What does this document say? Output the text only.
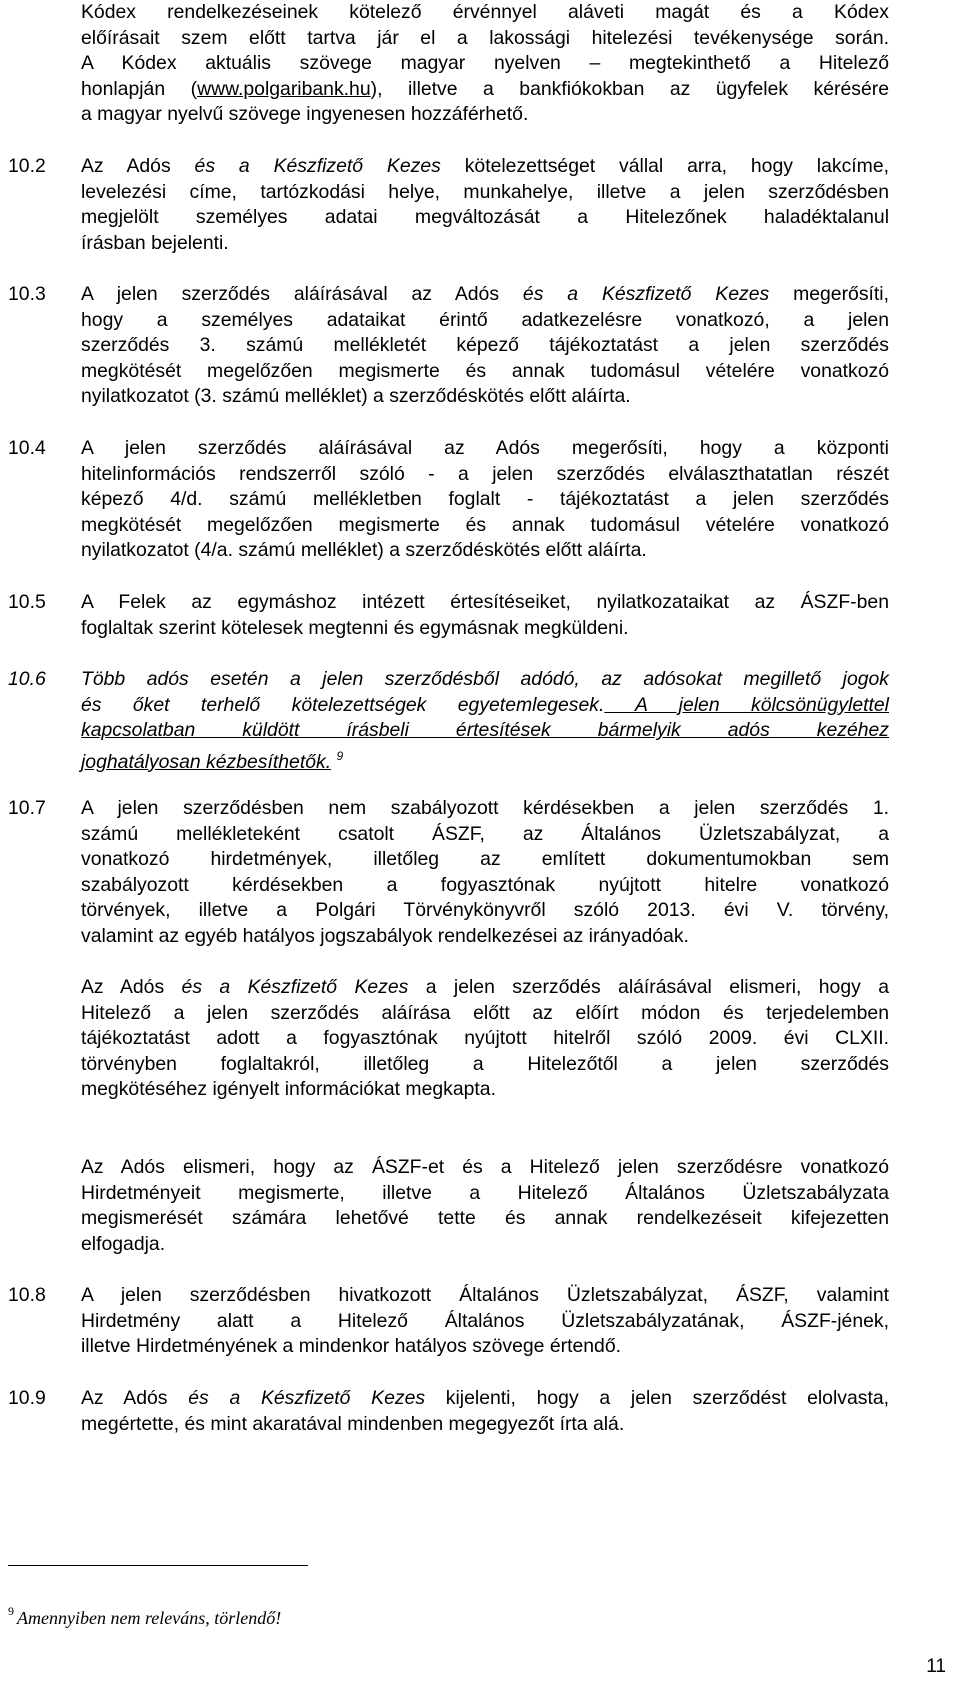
Kódex rendelkezéseinek kötelező érvénnyel aláveti magát és a Kódex
előírásait szem előtt tartva jár el a lakossági hitelezési tevékenysége során.
A Kódex aktuális szövege magyar nyelven – megtekinthető a Hitelező
honlapján (www.polgaribank.hu), illetve a bankfiókokban az ügyfelek kérésére
a magyar nyelvű szövege ingyenesen hozzáférhető.
10.2 Az Adós és a Készfizető Kezes kötelezettséget vállal arra, hogy lakcíme,
levelezési címe, tartózkodási helye, munkahelye, illetve a jelen szerződésben
megjelölt személyes adatai megváltozását a Hitelezőnek haladéktalanul
írásban bejelenti.
10.3 A jelen szerződés aláírásával az Adós és a Készfizető Kezes megerősíti,
hogy a személyes adataikat érintő adatkezelésre vonatkozó, a jelen
szerződés 3. számú mellékletét képező tájékoztatást a jelen szerződés
megkötését megelőzően megismerte és annak tudomásul vételére vonatkozó
nyilatkozatot (3. számú melléklet) a szerződéskötés előtt aláírta.
10.4 A jelen szerződés aláírásával az Adós megerősíti, hogy a központi
hitelinformációs rendszerről szóló - a jelen szerződés elválaszthatatlan részét
képező 4/d. számú mellékletben foglalt - tájékoztatást a jelen szerződés
megkötését megelőzően megismerte és annak tudomásul vételére vonatkozó
nyilatkozatot (4/a. számú melléklet) a szerződéskötés előtt aláírta.
10.5 A Felek az egymáshoz intézett értesítéseiket, nyilatkozataikat az ÁSZF-ben
foglaltak szerint kötelesek megtenni és egymásnak megküldeni.
10.6 Több adós esetén a jelen szerződésből adódó, az adósokat megillető jogok
és őket terhelő kötelezettségek egyetemlegesek. A jelen kölcsönügylettel
kapcsolatban küldött írásbeli értesítések bármelyik adós kezéhez
joghatályosan kézbesíthetők. $^9$
10.7 A jelen szerződésben nem szabályozott kérdésekben a jelen szerződés 1.
számú mellékleteként csatolt ÁSZF, az Általános Üzletszabályzat, a
vonatkozó hirdetmények, illetőleg az említett dokumentumokban sem
szabályozott kérdésekben a fogyasztónak nyújtott hitelre vonatkozó
törvények, illetve a Polgári Törvénykönyvről szóló 2013. évi V. törvény,
valamint az egyéb hatályos jogszabályok rendelkezései az irányadóak.
Az Adós és a Készfizető Kezes a jelen szerződés aláírásával elismeri, hogy a
Hitelező a jelen szerződés aláírása előtt az előírt módon és terjedelemben
tájékoztatást adott a fogyasztónak nyújtott hitelről szóló 2009. évi CLXII.
törvényben foglaltakról, illetőleg a Hitelezőtől a jelen szerződés
megkötéséhez igényelt információkat megkapta.
Az Adós elismeri, hogy az ÁSZF-et és a Hitelező jelen szerződésre vonatkozó
Hirdetményeit megismerte, illetve a Hitelező Általános Üzletszabályzata
megismerését számára lehetővé tette és annak rendelkezéseit kifejezetten
elfogadja.
10.8 A jelen szerződésben hivatkozott Általános Üzletszabályzat, ÁSZF, valamint
Hirdetmény alatt a Hitelező Általános Üzletszabályzatának, ÁSZF-jének,
illetve Hirdetményének a mindenkor hatályos szövege értendő.
10.9 Az Adós és a Készfizető Kezes kijelenti, hogy a jelen szerződést elolvasta,
megértette, és mint akaratával mindenben megegyezőt írta alá.
$^9$ Amennyiben nem releváns, törlendő!
11
